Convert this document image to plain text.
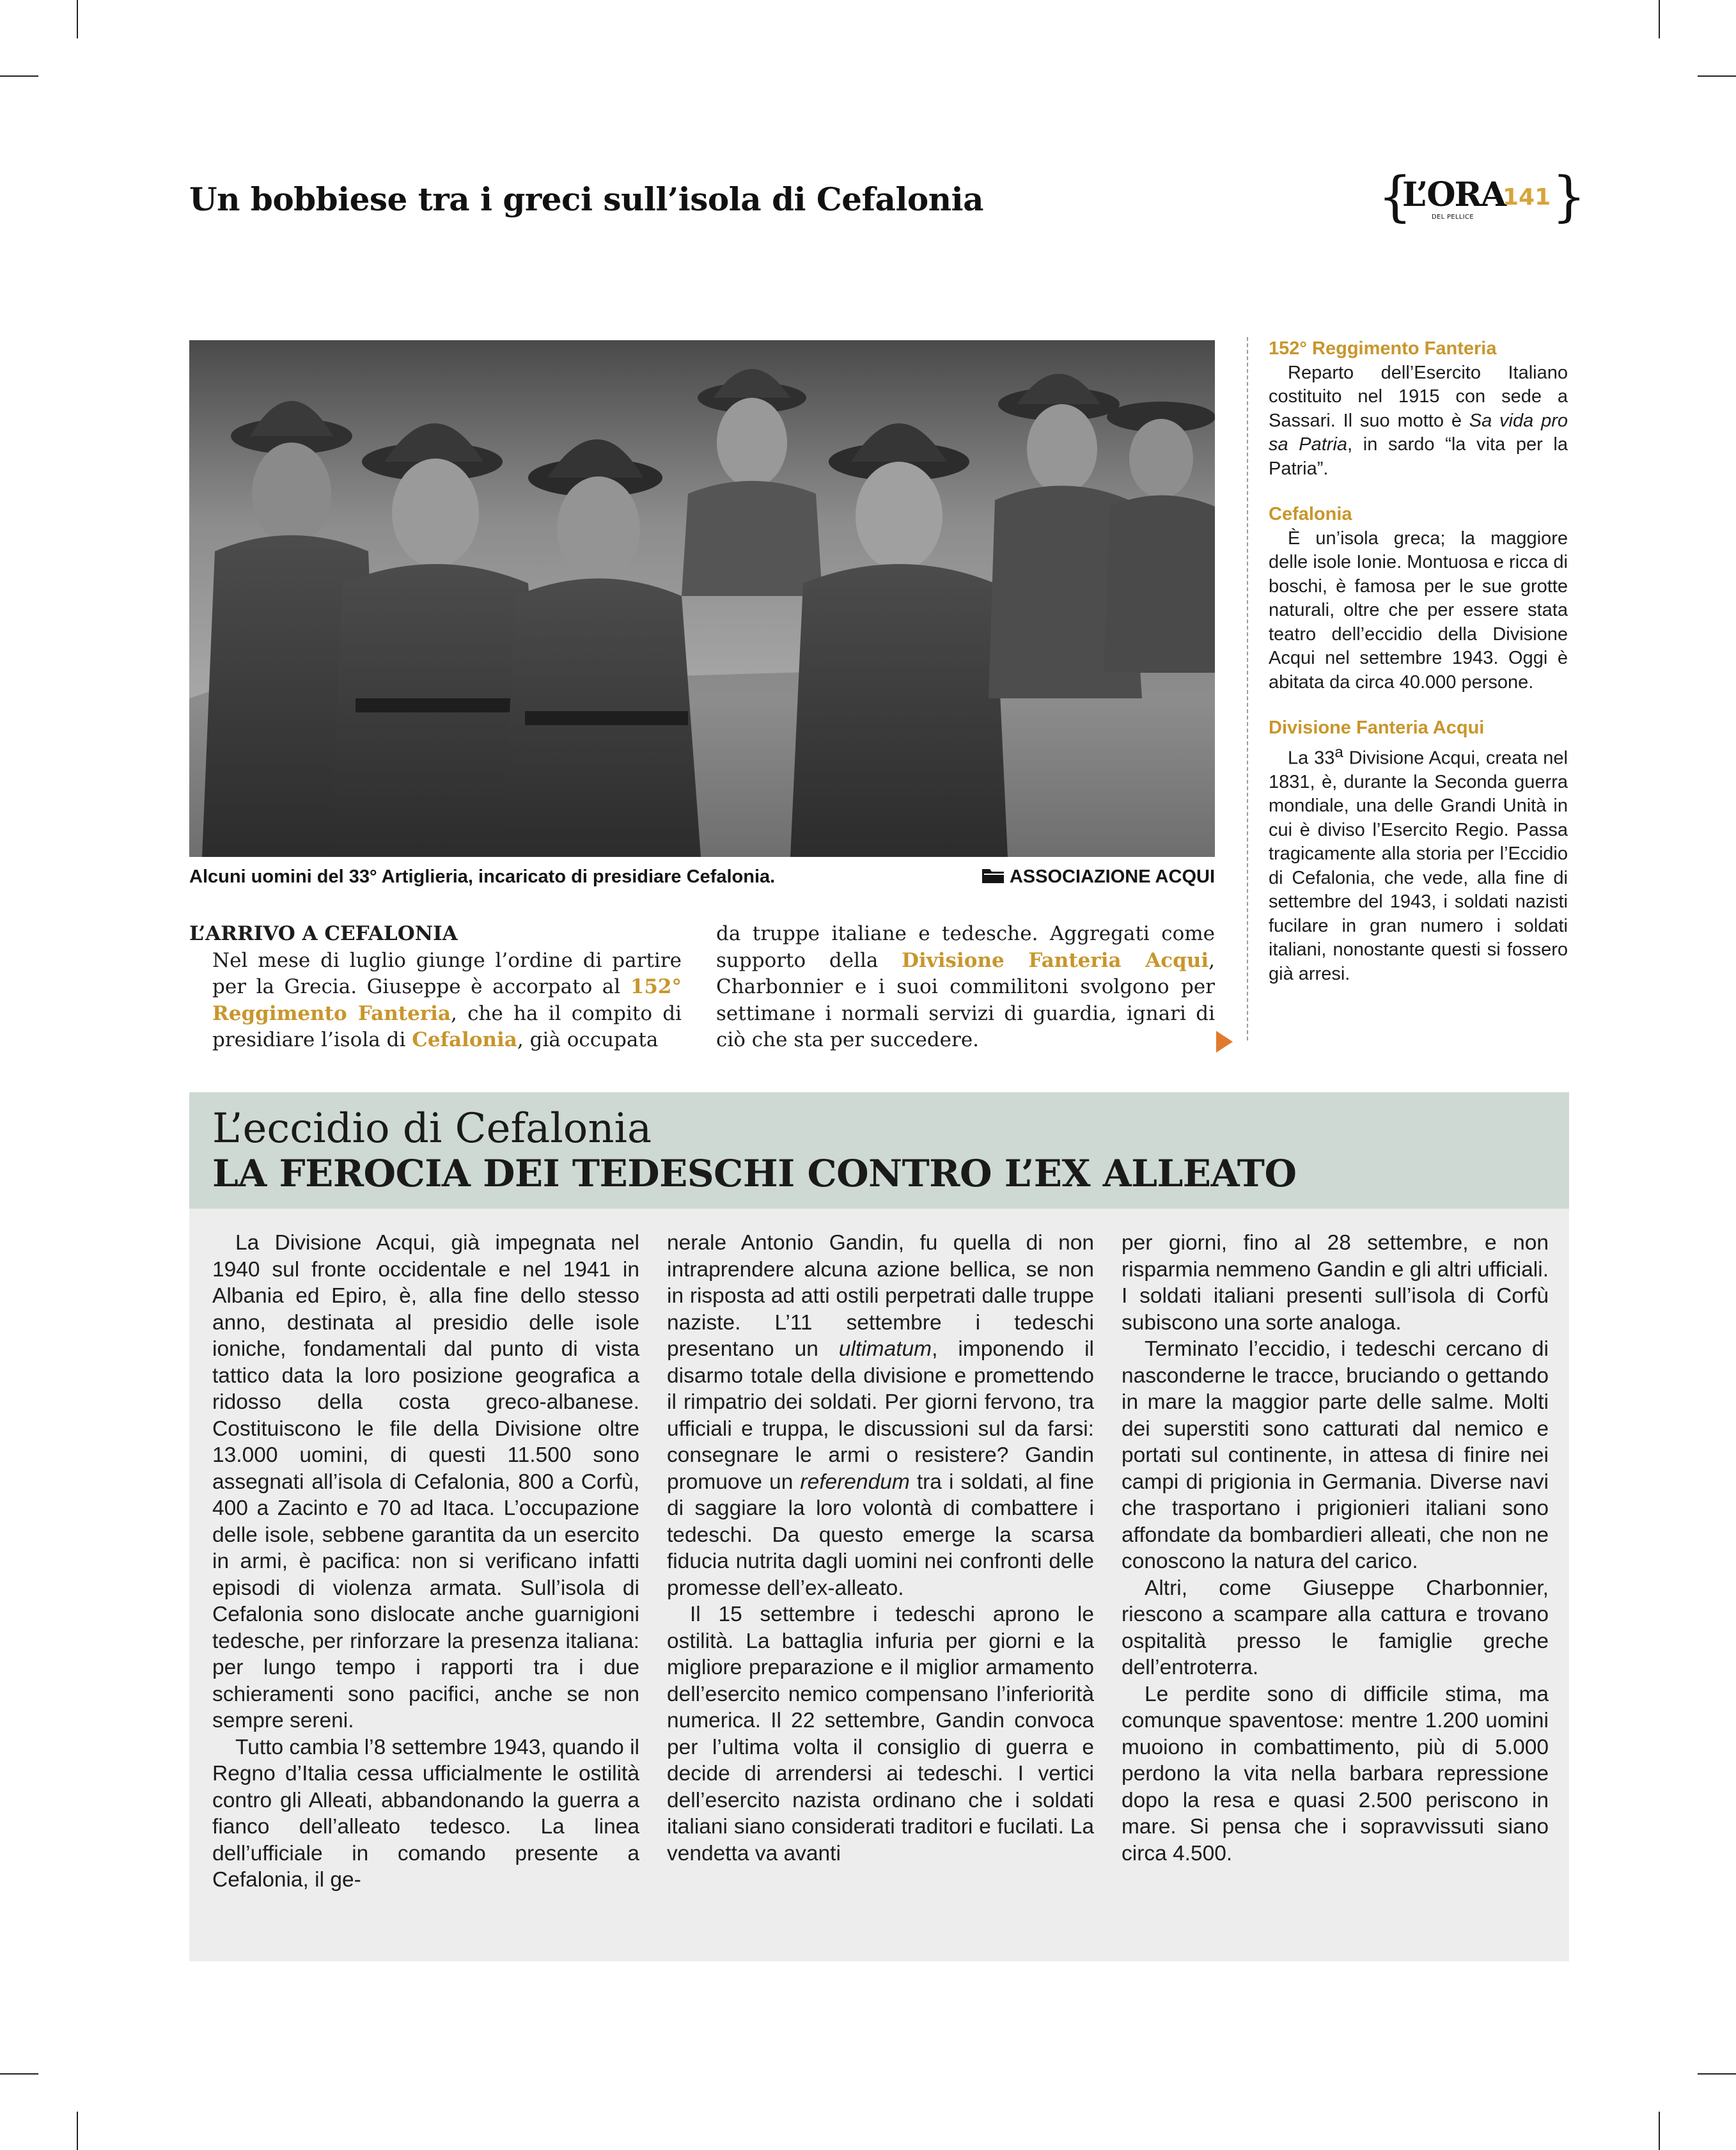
Un bobbiese tra i greci sull’isola di Cefalonia	{
L’ORA
DEL PELLICE
141 }
Alcuni uomini del 33° Artiglieria, incaricato di presidiare Cefalonia.	ASSOCIAZIONE ACQUI
L’ARRIVO A CEFALONIA
Nel mese di luglio giunge l’ordine di partire per la Grecia. Giuseppe è accorpato al 152° Reggimento Fanteria, che ha il compito di presidiare l’isola di Cefalonia, già occupata
da truppe italiane e tedesche. Aggregati come supporto della Divisione Fanteria Acqui, Charbonnier e i suoi commilitoni svolgono per settimane i normali servizi di guardia, ignari di ciò che sta per succedere.
152° Reggimento Fanteria
Reparto dell’Esercito Italiano costituito nel 1915 con sede a Sassari. Il suo motto è Sa vida pro sa Patria, in sardo “la vita per la Patria”.
Cefalonia
È un’isola greca; la maggiore delle isole Ionie. Montuosa e ricca di boschi, è famosa per le sue grotte naturali, oltre che per essere stata teatro dell’eccidio della Divisione Acqui nel settembre 1943. Oggi è abitata da circa 40.000 persone.
Divisione Fanteria Acqui
La 33$^a$ Divisione Acqui, creata nel 1831, è, durante la Seconda guerra mondiale, una delle Grandi Unità in cui è diviso l’Esercito Regio. Passa tragicamente alla storia per l’Eccidio di Cefalonia, che vede, alla fine di settembre del 1943, i soldati nazisti fucilare in gran numero i soldati italiani, nonostante questi si fossero già arresi.
L’eccidio di Cefalonia
LA FEROCIA DEI TEDESCHI CONTRO L’EX ALLEATO

La Divisione Acqui, già impegnata nel 1940 sul fronte occidentale e nel 1941 in Albania ed Epiro, è, alla fine dello stesso anno, destinata al presidio delle isole ioniche, fondamentali dal punto di vista tattico data la loro posizione geografica a ridosso della costa greco-albanese. Costituiscono le file della Divisione oltre 13.000 uomini, di questi 11.500 sono assegnati all’isola di Cefalonia, 800 a Corfù, 400 a Zacinto e 70 ad Itaca. L’occupazione delle isole, sebbene garantita da un esercito in armi, è pacifica: non si verificano infatti episodi di violenza armata. Sull’isola di Cefalonia sono dislocate anche guarnigioni tedesche, per rinforzare la presenza italiana: per lungo tempo i rapporti tra i due schieramenti sono pacifici, anche se non sempre sereni.

Tutto cambia l’8 settembre 1943, quando il Regno d’Italia cessa ufficialmente le ostilità contro gli Alleati, abbandonando la guerra a fianco dell’alleato tedesco. La linea dell’ufficiale in comando presente a Cefalonia, il ge-

nerale Antonio Gandin, fu quella di non intraprendere alcuna azione bellica, se non in risposta ad atti ostili perpetrati dalle truppe naziste. L’11 settembre i tedeschi presentano un ultimatum, imponendo il disarmo totale della divisione e promettendo il rimpatrio dei soldati. Per giorni fervono, tra ufficiali e truppa, le discussioni sul da farsi: consegnare le armi o resistere? Gandin promuove un referendum tra i soldati, al fine di saggiare la loro volontà di combattere i tedeschi. Da questo emerge la scarsa fiducia nutrita dagli uomini nei confronti delle promesse dell’ex-alleato.

Il 15 settembre i tedeschi aprono le ostilità. La battaglia infuria per giorni e la migliore preparazione e il miglior armamento dell’esercito nemico compensano l’inferiorità numerica. Il 22 settembre, Gandin convoca per l’ultima volta il consiglio di guerra e decide di arrendersi ai tedeschi. I vertici dell’esercito nazista ordinano che i soldati italiani siano considerati traditori e fucilati. La vendetta va avanti

per giorni, fino al 28 settembre, e non risparmia nemmeno Gandin e gli altri ufficiali. I soldati italiani presenti sull’isola di Corfù subiscono una sorte analoga.

Terminato l’eccidio, i tedeschi cercano di nasconderne le tracce, bruciando o gettando in mare la maggior parte delle salme. Molti dei superstiti sono catturati dal nemico e portati sul continente, in attesa di finire nei campi di prigionia in Germania. Diverse navi che trasportano i prigionieri italiani sono affondate da bombardieri alleati, che non ne conoscono la natura del carico.

Altri, come Giuseppe Charbonnier, riescono a scampare alla cattura e trovano ospitalità presso le famiglie greche dell’entroterra.

Le perdite sono di difficile stima, ma comunque spaventose: mentre 1.200 uomini muoiono in combattimento, più di 5.000 perdono la vita nella barbara repressione dopo la resa e quasi 2.500 periscono in mare. Si pensa che i sopravvissuti siano circa 4.500.
